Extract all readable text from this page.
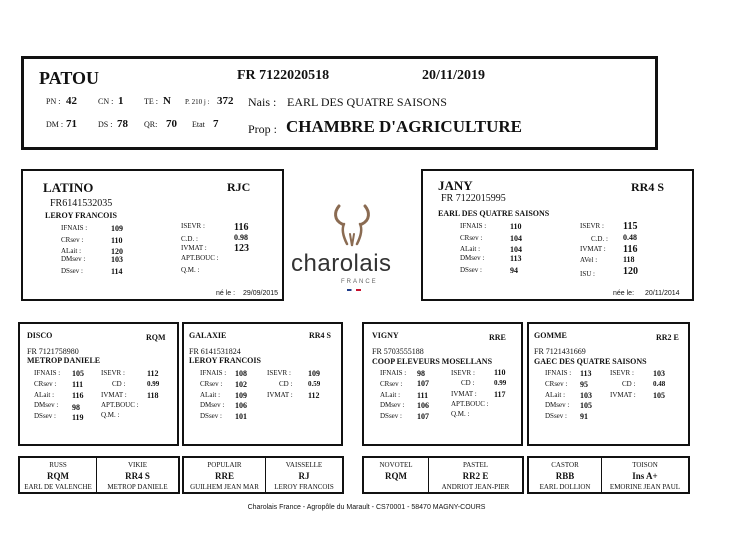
PATOU	FR 7122020518	20/11/2019
PN : 42	CN : 1	TE : N P. 210 j : 372 Nais : EARL DES QUATRE SAISONS
DM : 71	DS : 78 QR: 70 Etat 7 Prop : CHAMBRE D'AGRICULTURE
LATINO	RJC
FR6141532035
LEROY FRANCOIS
IFNAIS :	109
CRsev :	110
ALait :	120
DMsev :	103
DSsev :	114
ISEVR :	116
C.D. :	0.98
IVMAT :	123
APT.BOUC :
Q.M. :
né le : 29/09/2015
charolais
FRANCE
JANY	RR4 S
FR 7122015995
EARL DES QUATRE SAISONS
IFNAIS :	110
CRsev :	104
ALait :	104
DMsev :	113
DSsev :	94
ISEVR : 115
C.D. : 0.48
IVMAT : 116
AVel :	118
ISU :	120
née le: 20/11/2014
DISCO	RQM
FR 7121758980
METROP DANIELE
IFNAIS : 105
CRsev : 111
ALait : 116
DMsev : 98
DSsev : 119
ISEVR :	112
CD :	0.99
IVMAT :	118
APT.BOUC :
Q.M. :
GALAXIE	RR4 S
FR 6141531824
LEROY FRANCOIS
IFNAIS : 108
CRsev : 102
ALait : 109
DMsev : 106
DSsev : 101
ISEVR : 109
CD : 0.59
IVMAT : 112
VIGNY	RRE
FR 5703555188
COOP ELEVEURS MOSELLANS
IFNAIS : 98
CRsev : 107
ALait : 111
DMsev : 106
DSsev : 107
ISEVR : 110
CD :	0.99
IVMAT : 117
APT.BOUC :
Q.M. :
GOMME	RR2 E
FR 7121431669
GAEC DES QUATRE SAISONS
IFNAIS : 113
CRsev : 95
ALait : 103
DMsev : 105
DSsev : 91
ISEVR : 103
CD :	0.48
IVMAT : 105
RUSS
RQM
EARL DE VALENCHE
VIKIE
RR4 S
METROP DANIELE
POPULAIR
RRE
GUILHEM JEAN MAR
VAISSELLE
RJ
LEROY FRANCOIS
NOVOTEL
RQM
PASTEL
RR2 E
ANDRIOT JEAN-PIER
CASTOR
RBB
EARL DOLLION
TOISON
Ins A+
EMORINE JEAN PAUL
Charolais France - Agropôle du Marault - CS70001 - 58470 MAGNY-COURS
